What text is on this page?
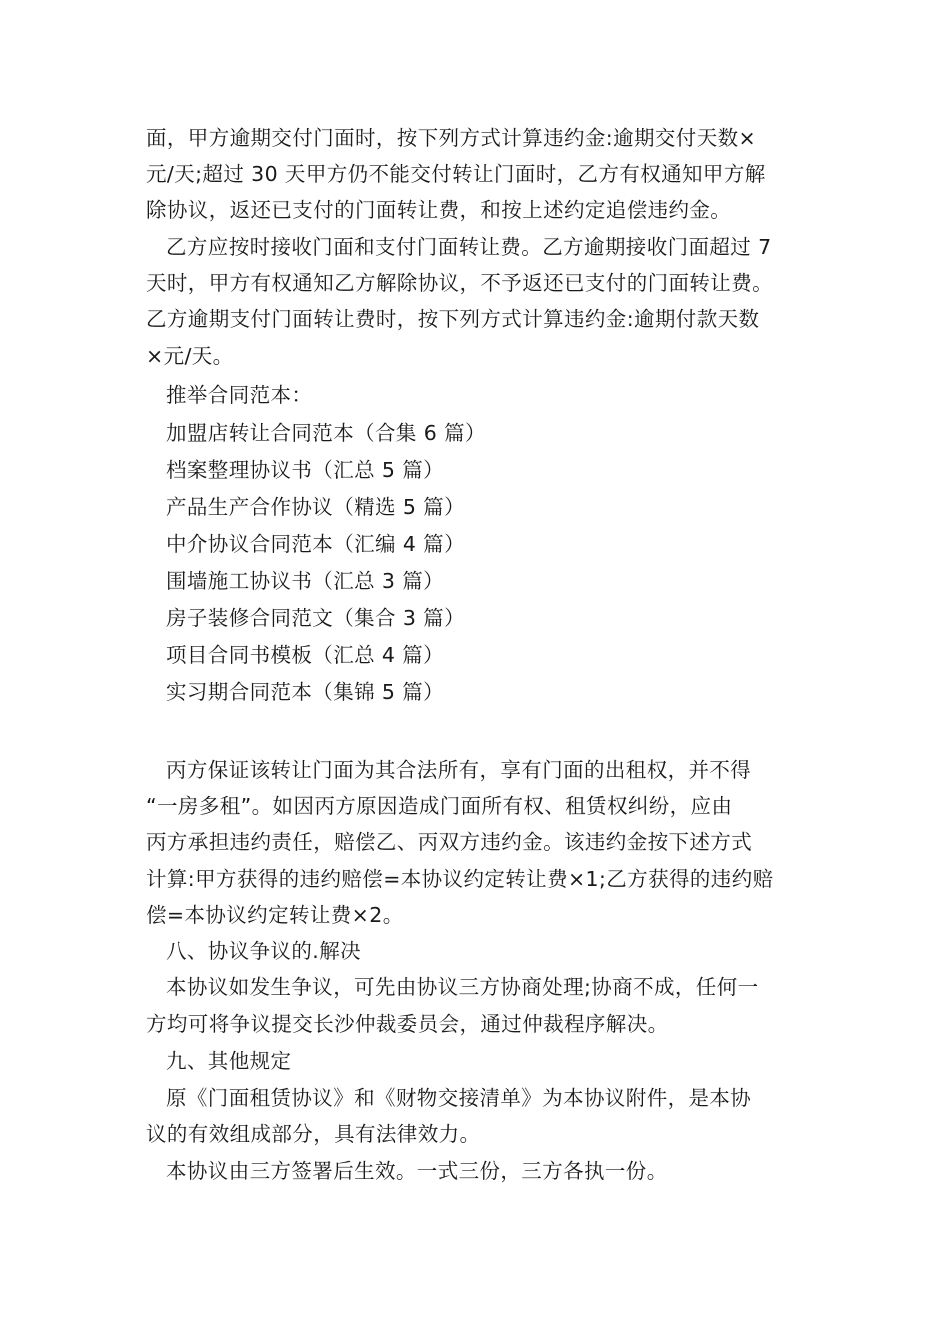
面，甲方逾期交付门面时，按下列方式计算违约金:逾期交付天数×
元/天;超过 30 天甲方仍不能交付转让门面时，乙方有权通知甲方解
除协议，返还已支付的门面转让费，和按上述约定追偿违约金。
乙方应按时接收门面和支付门面转让费。乙方逾期接收门面超过 7
天时，甲方有权通知乙方解除协议，不予返还已支付的门面转让费。
乙方逾期支付门面转让费时，按下列方式计算违约金:逾期付款天数
×元/天。
推举合同范本：
加盟店转让合同范本（合集 6 篇）
档案整理协议书（汇总 5 篇）
产品生产合作协议（精选 5 篇）
中介协议合同范本（汇编 4 篇）
围墙施工协议书（汇总 3 篇）
房子装修合同范文（集合 3 篇）
项目合同书模板（汇总 4 篇）
实习期合同范本（集锦 5 篇）
丙方保证该转让门面为其合法所有，享有门面的出租权，并不得
“一房多租”。如因丙方原因造成门面所有权、租赁权纠纷，应由
丙方承担违约责任，赔偿乙、丙双方违约金。该违约金按下述方式
计算:甲方获得的违约赔偿=本协议约定转让费×1;乙方获得的违约赔
偿=本协议约定转让费×2。
八、协议争议的.解决
本协议如发生争议，可先由协议三方协商处理;协商不成，任何一
方均可将争议提交长沙仲裁委员会，通过仲裁程序解决。
九、其他规定
原《门面租赁协议》和《财物交接清单》为本协议附件，是本协
议的有效组成部分，具有法律效力。
本协议由三方签署后生效。一式三份，三方各执一份。
